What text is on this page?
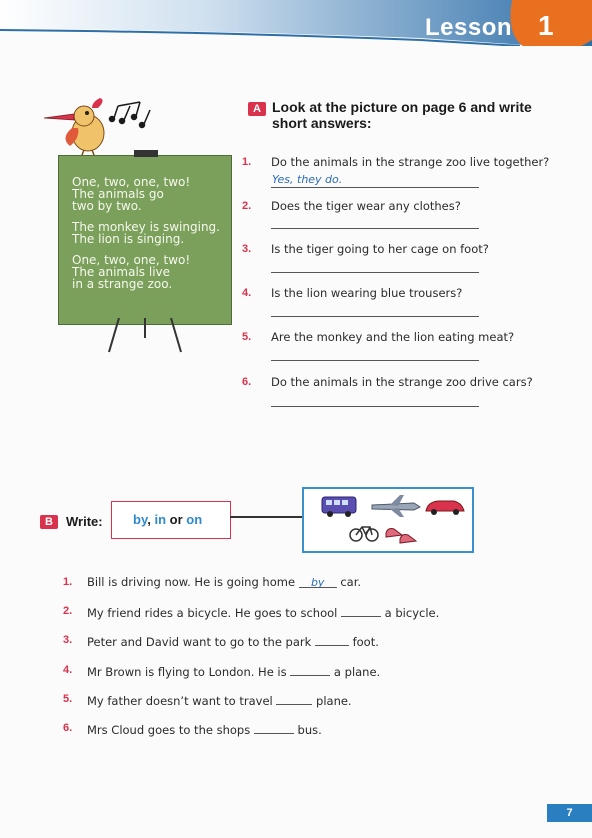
Lesson 1
One, two, one, two!
The animals go
two by two.
The monkey is swinging.
The lion is singing.
One, two, one, two!
The animals live
in a strange zoo.
A Look at the picture on page 6 and write short answers:
1. Do the animals in the strange zoo live together?
Yes, they do.
2. Does the tiger wear any clothes?
3. Is the tiger going to her cage on foot?
4. Is the lion wearing blue trousers?
5. Are the monkey and the lion eating meat?
6. Do the animals in the strange zoo drive cars?
B	Write: by, in or on
1. Bill is driving now. He is going home by car.
2. My friend rides a bicycle. He goes to school	a bicycle.
3. Peter and David want to go to the park	foot.
4. Mr Brown is flying to London. He is	a plane.
5. My father doesn’t want to travel	plane.
6. Mrs Cloud goes to the shops	bus.
7
